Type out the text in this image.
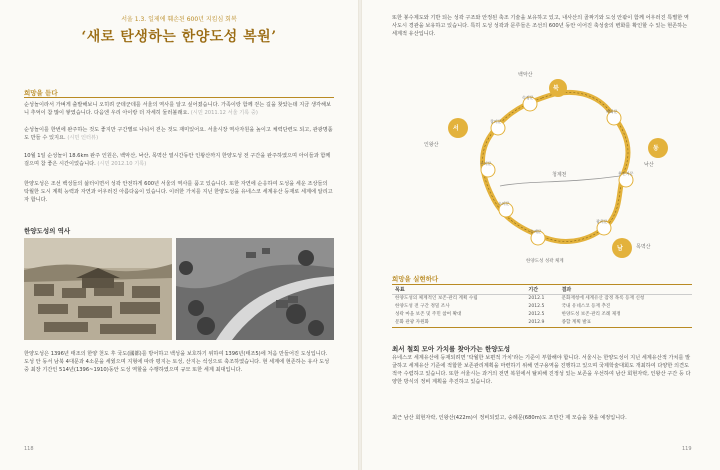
서울 1.3. 일제에 훼손된 600년 지킴심 회복
‘새로 탄생하는 한양도성 복원’
희망을 듣다
순성놀이라서 가벼게 출발해보니 오히려 군데군데를 서울의 역사를 알고 싶어졌습니다. 가족이랑 함께 걷는 길을 찾았는데 지금 생각해보니 추억이 참 많이 쌓였습니다. 다음엔 우리 아이랑 더 자세히 둘러볼래요. (시민 2011.12 서울 기록 중)
순성놀이를 한번에 완주하는 것도 좋지만 구간별로 나눠서 걷는 것도 재미있어요. 서울시장 역사자원을 높이고 체력단련도 되고, 관광명품도 만들 수 있지요. (시민 인터뷰)
10월 1일 순성놀이 18.6km 완주 인원은, 백악산, 낙산, 목멱산 열시간동안 인왕산까지 한양도성 전 구간을 완주하였으며 아이들과 함께 걸으며 참 좋은 시간이었습니다. (시민 2012.10 기록)
한양도성은 조선 백성들의 삶터이면서 성곽 안전하게 600년 서울의 역사를 품고 있습니다. 또한 자연에 순응하여 도성을 세운 조상들의 탁월한 도시 계획 능력과 자연과 어우러진 아름다움이 있습니다. 이러한 가치를 지닌 한양도성을 유네스코 세계유산 등재로 세계에 알리고자 합니다.
한양도성의 역사
한양도성은 1396년 태조의 한양 천도 후 국도(國都)를 방어하고 백성을 보호하기 위하여 1396년(태조5)에 처음 만들어진 도성입니다. 도성 안 동서 남북 4대문과 4소문을 세웠으며 지형에 따라 평지는 토성, 산지는 석성으로 축조하였습니다. 현 세계에 현존하는 유사 도성 중 최장 기간인 514년(1396~1910)동안 도성 역할을 수행하였으며 규모 또한 세계 최대입니다.
118
또한 봉수제도와 기반 되는 성곽 구조와 안정된 축조 기술을 보유하고 있고, 내사산의 골짜기와 도성 안팎이 함께 어우러진 특별한 역사도시 경관을 보유하고 있습니다. 특히 도성 성곽과 문루들은 조선의 600년 동안 이어진 축성술의 변화를 확인할 수 있는 현존하는 세계적 유산입니다.
북
서
동
남
백악산
인왕산
목멱산
낙산
숙정문
창의문
돈의문
숭례문
광희문
흥인지문
혜화문
소의문
청계천
한양도성 성곽 체계
희망을 실현하다
목표	기간	결과
한양도성의 체계적인 보존·관리 계획 수립	2012.1	문화재청에 세계유산 잠정 목록 등재 신청
한양도성 전 구간 정밀 조사	2012.5	국내 유네스코 등재 추진
성곽 마을 보존 및 주민 참여 확대	2012.5	한양도성 보존·관리 조례 제정
문화 관광 자원화	2012.9	종합 계획 발표
최서 철회 모아 가치를 찾아가는 한양도성
유네스코 세계유산에 등재되려면 '탁월한 보편적 가치'라는 기준이 부합해야 합니다. 서울시는 한양도성이 지닌 세계유산적 가치를 발굴하고 세계유산 기준에 적합한 보존관리계획을 마련하기 위해 연구용역을 진행하고 있으며 국제학술대회도 개최하여 다양한 의견도 적극 수렴하고 있습니다. 또한 서울시는 과거의 전면 복원에서 탈피해 진정성 있는 보존을 우선하여 남산 회현자락, 인왕산 구간 등 다양한 방식의 정비 계획을 추진하고 있습니다.
최근 남산 회현자락, 인왕산(422m)이 정비되었고, 숭례문(680m)도 조만간 제 모습을 찾을 예정입니다.
119
